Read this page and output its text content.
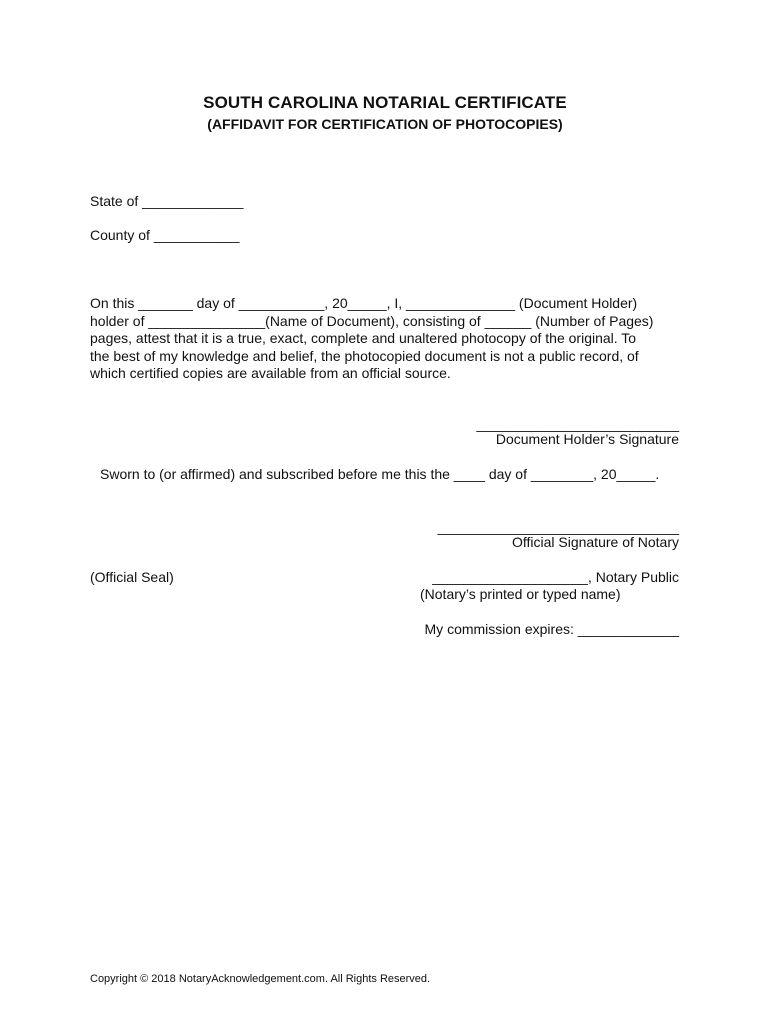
SOUTH CAROLINA NOTARIAL CERTIFICATE
(AFFIDAVIT FOR CERTIFICATION OF PHOTOCOPIES)
State of _____________
County of ___________
On this _______ day of ___________, 20_____, I, ______________ (Document Holder)
holder of _______________(Name of Document), consisting of ______ (Number of Pages)
pages, attest that it is a true, exact, complete and unaltered photocopy of the original. To
the best of my knowledge and belief, the photocopied document is not a public record, of
which certified copies are available from an official source.
__________________________
Document Holder’s Signature
Sworn to (or affirmed) and subscribed before me this the ____ day of ________, 20_____.
_______________________________
Official Signature of Notary
(Official Seal)	____________________, Notary Public
(Notary’s printed or typed name)
My commission expires: _____________
Copyright © 2018 NotaryAcknowledgement.com. All Rights Reserved.
